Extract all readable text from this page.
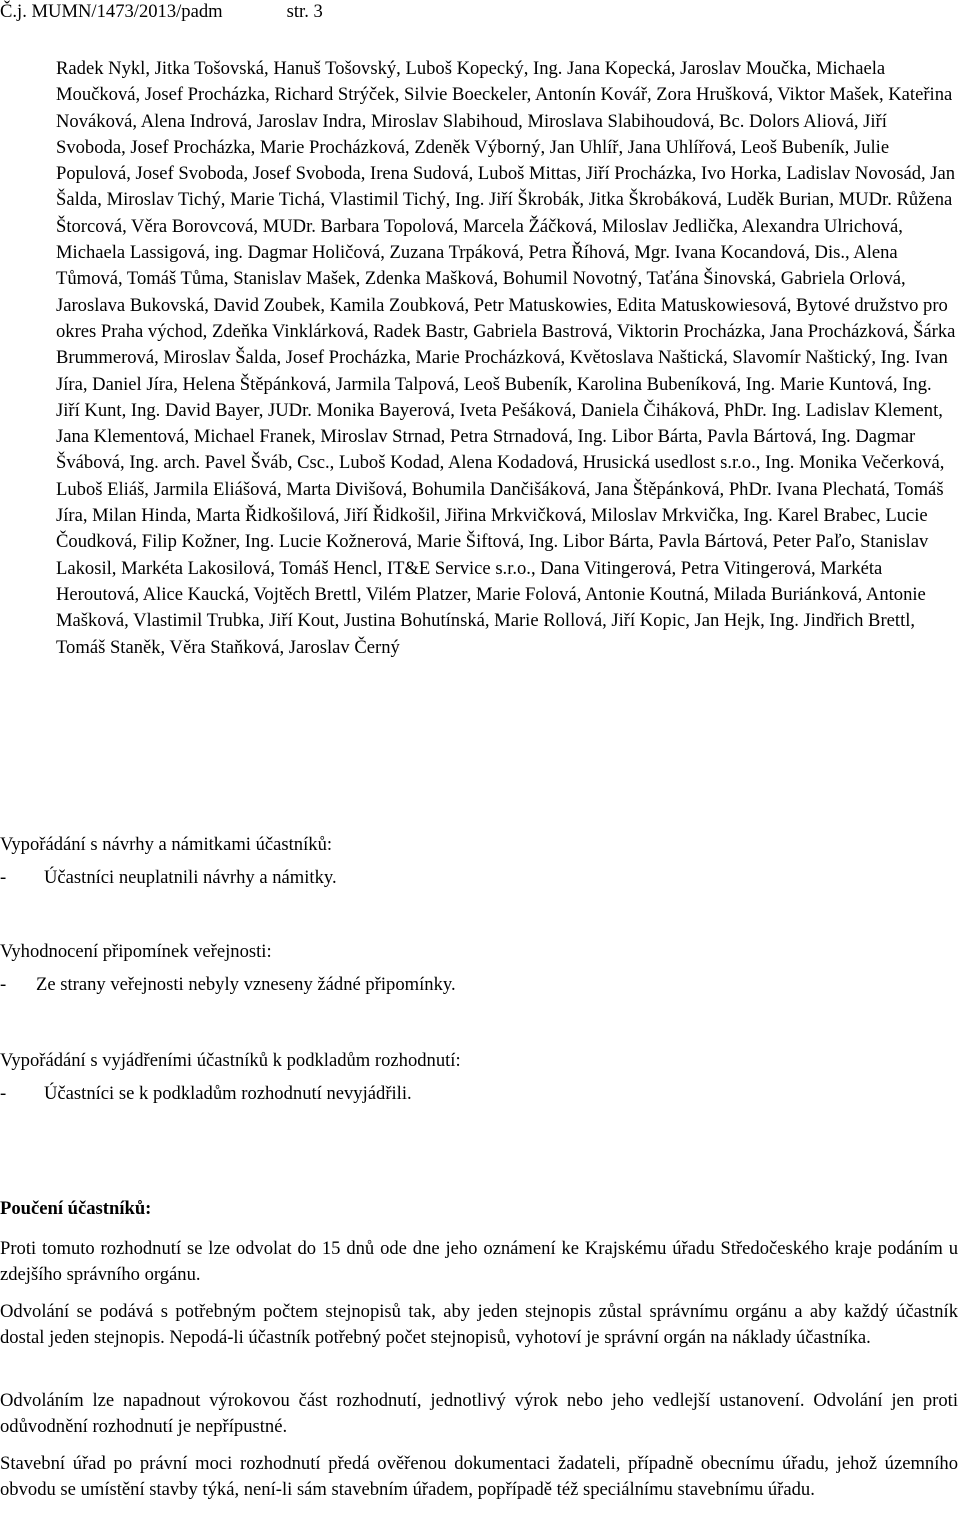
Č.j. MUMN/1473/2013/padm	str. 3
Radek Nykl, Jitka Tošovská, Hanuš Tošovský, Luboš Kopecký, Ing. Jana Kopecká, Jaroslav Moučka, Michaela Moučková, Josef Procházka, Richard Strýček, Silvie Boeckeler, Antonín Kovář, Zora Hrušková, Viktor Mašek, Kateřina Nováková, Alena Indrová, Jaroslav Indra, Miroslav Slabihoud, Miroslava Slabihoudová, Bc. Dolors Aliová, Jiří Svoboda, Josef Procházka, Marie Procházková, Zdeněk Výborný, Jan Uhlíř, Jana Uhlířová, Leoš Bubeník, Julie Populová, Josef Svoboda, Josef Svoboda, Irena Sudová, Luboš Mittas, Jiří Procházka, Ivo Horka, Ladislav Novosád, Jan Šalda, Miroslav Tichý, Marie Tichá, Vlastimil Tichý, Ing. Jiří Škrobák, Jitka Škrobáková, Luděk Burian, MUDr. Růžena Štorcová, Věra Borovcová, MUDr. Barbara Topolová, Marcela Žáčková, Miloslav Jedlička, Alexandra Ulrichová, Michaela Lassigová, ing. Dagmar Holičová, Zuzana Trpáková, Petra Říhová, Mgr. Ivana Kocandová, Dis., Alena Tůmová, Tomáš Tůma, Stanislav Mašek, Zdenka Mašková, Bohumil Novotný, Taťána Šinovská, Gabriela Orlová, Jaroslava Bukovská, David Zoubek, Kamila Zoubková, Petr Matuskowies, Edita Matuskowiesová, Bytové družstvo pro okres Praha východ, Zdeňka Vinklárková, Radek Bastr, Gabriela Bastrová, Viktorin Procházka, Jana Procházková, Šárka Brummerová, Miroslav Šalda, Josef Procházka, Marie Procházková, Květoslava Naštická, Slavomír Naštický, Ing. Ivan Jíra, Daniel Jíra, Helena Štěpánková, Jarmila Talpová, Leoš Bubeník, Karolina Bubeníková, Ing. Marie Kuntová, Ing. Jiří Kunt, Ing. David Bayer, JUDr. Monika Bayerová, Iveta Pešáková, Daniela Čiháková, PhDr. Ing. Ladislav Klement, Jana Klementová, Michael Franek, Miroslav Strnad, Petra Strnadová, Ing. Libor Bárta, Pavla Bártová, Ing. Dagmar Švábová, Ing. arch. Pavel Šváb, Csc., Luboš Kodad, Alena Kodadová, Hrusická usedlost s.r.o., Ing. Monika Večerková, Luboš Eliáš, Jarmila Eliášová, Marta Divišová, Bohumila Dančišáková, Jana Štěpánková, PhDr. Ivana Plechatá, Tomáš Jíra, Milan Hinda, Marta Řidkošilová, Jiří Řidkošil, Jiřina Mrkvičková, Miloslav Mrkvička, Ing. Karel Brabec, Lucie Čoudková, Filip Kožner, Ing. Lucie Kožnerová, Marie Šiftová, Ing. Libor Bárta, Pavla Bártová, Peter Paľo, Stanislav Lakosil, Markéta Lakosilová, Tomáš Hencl, IT&E Service s.r.o., Dana Vitingerová, Petra Vitingerová, Markéta Heroutová, Alice Kaucká, Vojtěch Brettl, Vilém Platzer, Marie Folová, Antonie Koutná, Milada Buriánková, Antonie Mašková, Vlastimil Trubka, Jiří Kout, Justina Bohutínská, Marie Rollová, Jiří Kopic, Jan Hejk, Ing. Jindřich Brettl, Tomáš Staněk, Věra Staňková, Jaroslav Černý
Vypořádání s návrhy a námitkami účastníků:
- Účastníci neuplatnili návrhy a námitky.
Vyhodnocení připomínek veřejnosti:
- Ze strany veřejnosti nebyly vzneseny žádné připomínky.
Vypořádání s vyjádřeními účastníků k podkladům rozhodnutí:
- Účastníci se k podkladům rozhodnutí nevyjádřili.
Poučení účastníků:
Proti tomuto rozhodnutí se lze odvolat do 15 dnů ode dne jeho oznámení ke Krajskému úřadu Středočeského kraje podáním u zdejšího správního orgánu.
Odvolání se podává s potřebným počtem stejnopisů tak, aby jeden stejnopis zůstal správnímu orgánu a aby každý účastník dostal jeden stejnopis. Nepodá-li účastník potřebný počet stejnopisů, vyhotoví je správní orgán na náklady účastníka.
Odvoláním lze napadnout výrokovou část rozhodnutí, jednotlivý výrok nebo jeho vedlejší ustanovení. Odvolání jen proti odůvodnění rozhodnutí je nepřípustné.
Stavební úřad po právní moci rozhodnutí předá ověřenou dokumentaci žadateli, případně obecnímu úřadu, jehož územního obvodu se umístění stavby týká, není-li sám stavebním úřadem, popřípadě též speciálnímu stavebnímu úřadu.
